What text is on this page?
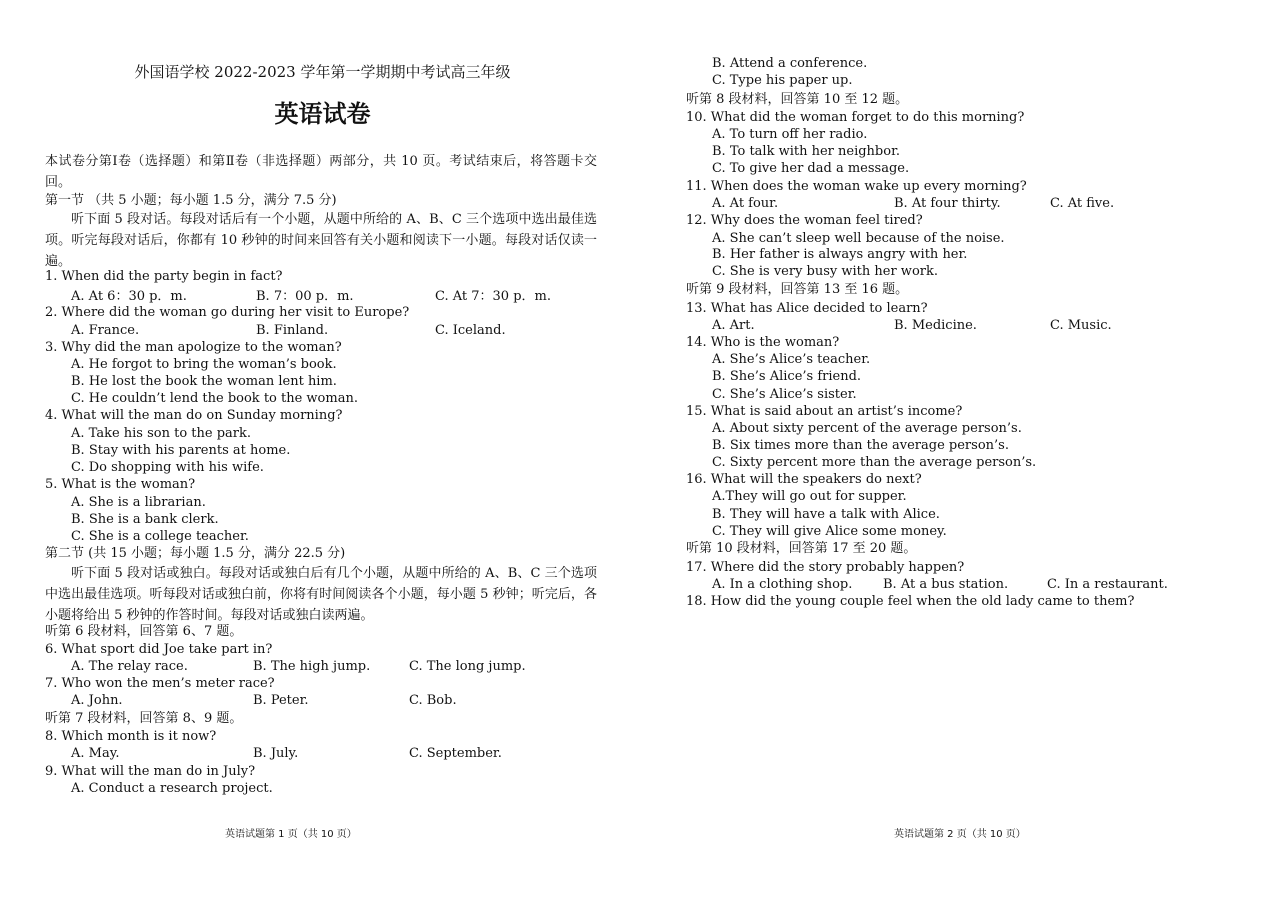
外国语学校 2022-2023 学年第一学期期中考试高三年级
英语试卷
本试卷分第Ⅰ卷（选择题）和第Ⅱ卷（非选择题）两部分，共 10 页。考试结束后，将答题卡交回。
第一节 （共 5 小题；每小题 1.5 分，满分 7.5 分)
听下面 5 段对话。每段对话后有一个小题，从题中所给的 A、B、C 三个选项中选出最佳选项。听完每段对话后，你都有 10 秒钟的时间来回答有关小题和阅读下一小题。每段对话仅读一遍。
1. When did the party begin in fact?
A. At 6：30 p．m.	B. 7：00 p．m.	C. At 7：30 p．m.
2. Where did the woman go during her visit to Europe?
A. France.	B. Finland.	C. Iceland.
3. Why did the man apologize to the woman?
A. He forgot to bring the woman’s book.
B. He lost the book the woman lent him.
C. He couldn’t lend the book to the woman.
4. What will the man do on Sunday morning?
A. Take his son to the park.
B. Stay with his parents at home.
C. Do shopping with his wife.
5. What is the woman?
A. She is a librarian.
B. She is a bank clerk.
C. She is a college teacher.
第二节 (共 15 小题；每小题 1.5 分，满分 22.5 分)
听下面 5 段对话或独白。每段对话或独白后有几个小题，从题中所给的 A、B、C 三个选项中选出最佳选项。听每段对话或独白前，你将有时间阅读各个小题，每小题 5 秒钟；听完后，各小题将给出 5 秒钟的作答时间。每段对话或独白读两遍。
听第 6 段材料，回答第 6、7 题。
6. What sport did Joe take part in?
A. The relay race.	B. The high jump.	C. The long jump.
7. Who won the men’s meter race?
A. John.	B. Peter.	C. Bob.
听第 7 段材料，回答第 8、9 题。
8. Which month is it now?
A. May.	B. July.	C. September.
9. What will the man do in July?
A. Conduct a research project.
英语试题第 1 页（共 10 页）
B. Attend a conference.
C. Type his paper up.
听第 8 段材料，回答第 10 至 12 题。
10. What did the woman forget to do this morning?
A. To turn off her radio.
B. To talk with her neighbor.
C. To give her dad a message.
11. When does the woman wake up every morning?
A. At four.	B. At four thirty.	C. At five.
12. Why does the woman feel tired?
A. She can’t sleep well because of the noise.
B. Her father is always angry with her.
C. She is very busy with her work.
听第 9 段材料，回答第 13 至 16 题。
13. What has Alice decided to learn?
A. Art.	B. Medicine.	C. Music.
14. Who is the woman?
A. She’s Alice’s teacher.
B. She’s Alice’s friend.
C. She’s Alice’s sister.
15. What is said about an artist’s income?
A. About sixty percent of the average person’s.
B. Six times more than the average person’s.
C. Sixty percent more than the average person’s.
16. What will the speakers do next?
A.They will go out for supper.
B. They will have a talk with Alice.
C. They will give Alice some money.
听第 10 段材料，回答第 17 至 20 题。
17. Where did the story probably happen?
A. In a clothing shop. B. At a bus station.	C. In a restaurant.
18. How did the young couple feel when the old lady came to them?
英语试题第 2 页（共 10 页）
